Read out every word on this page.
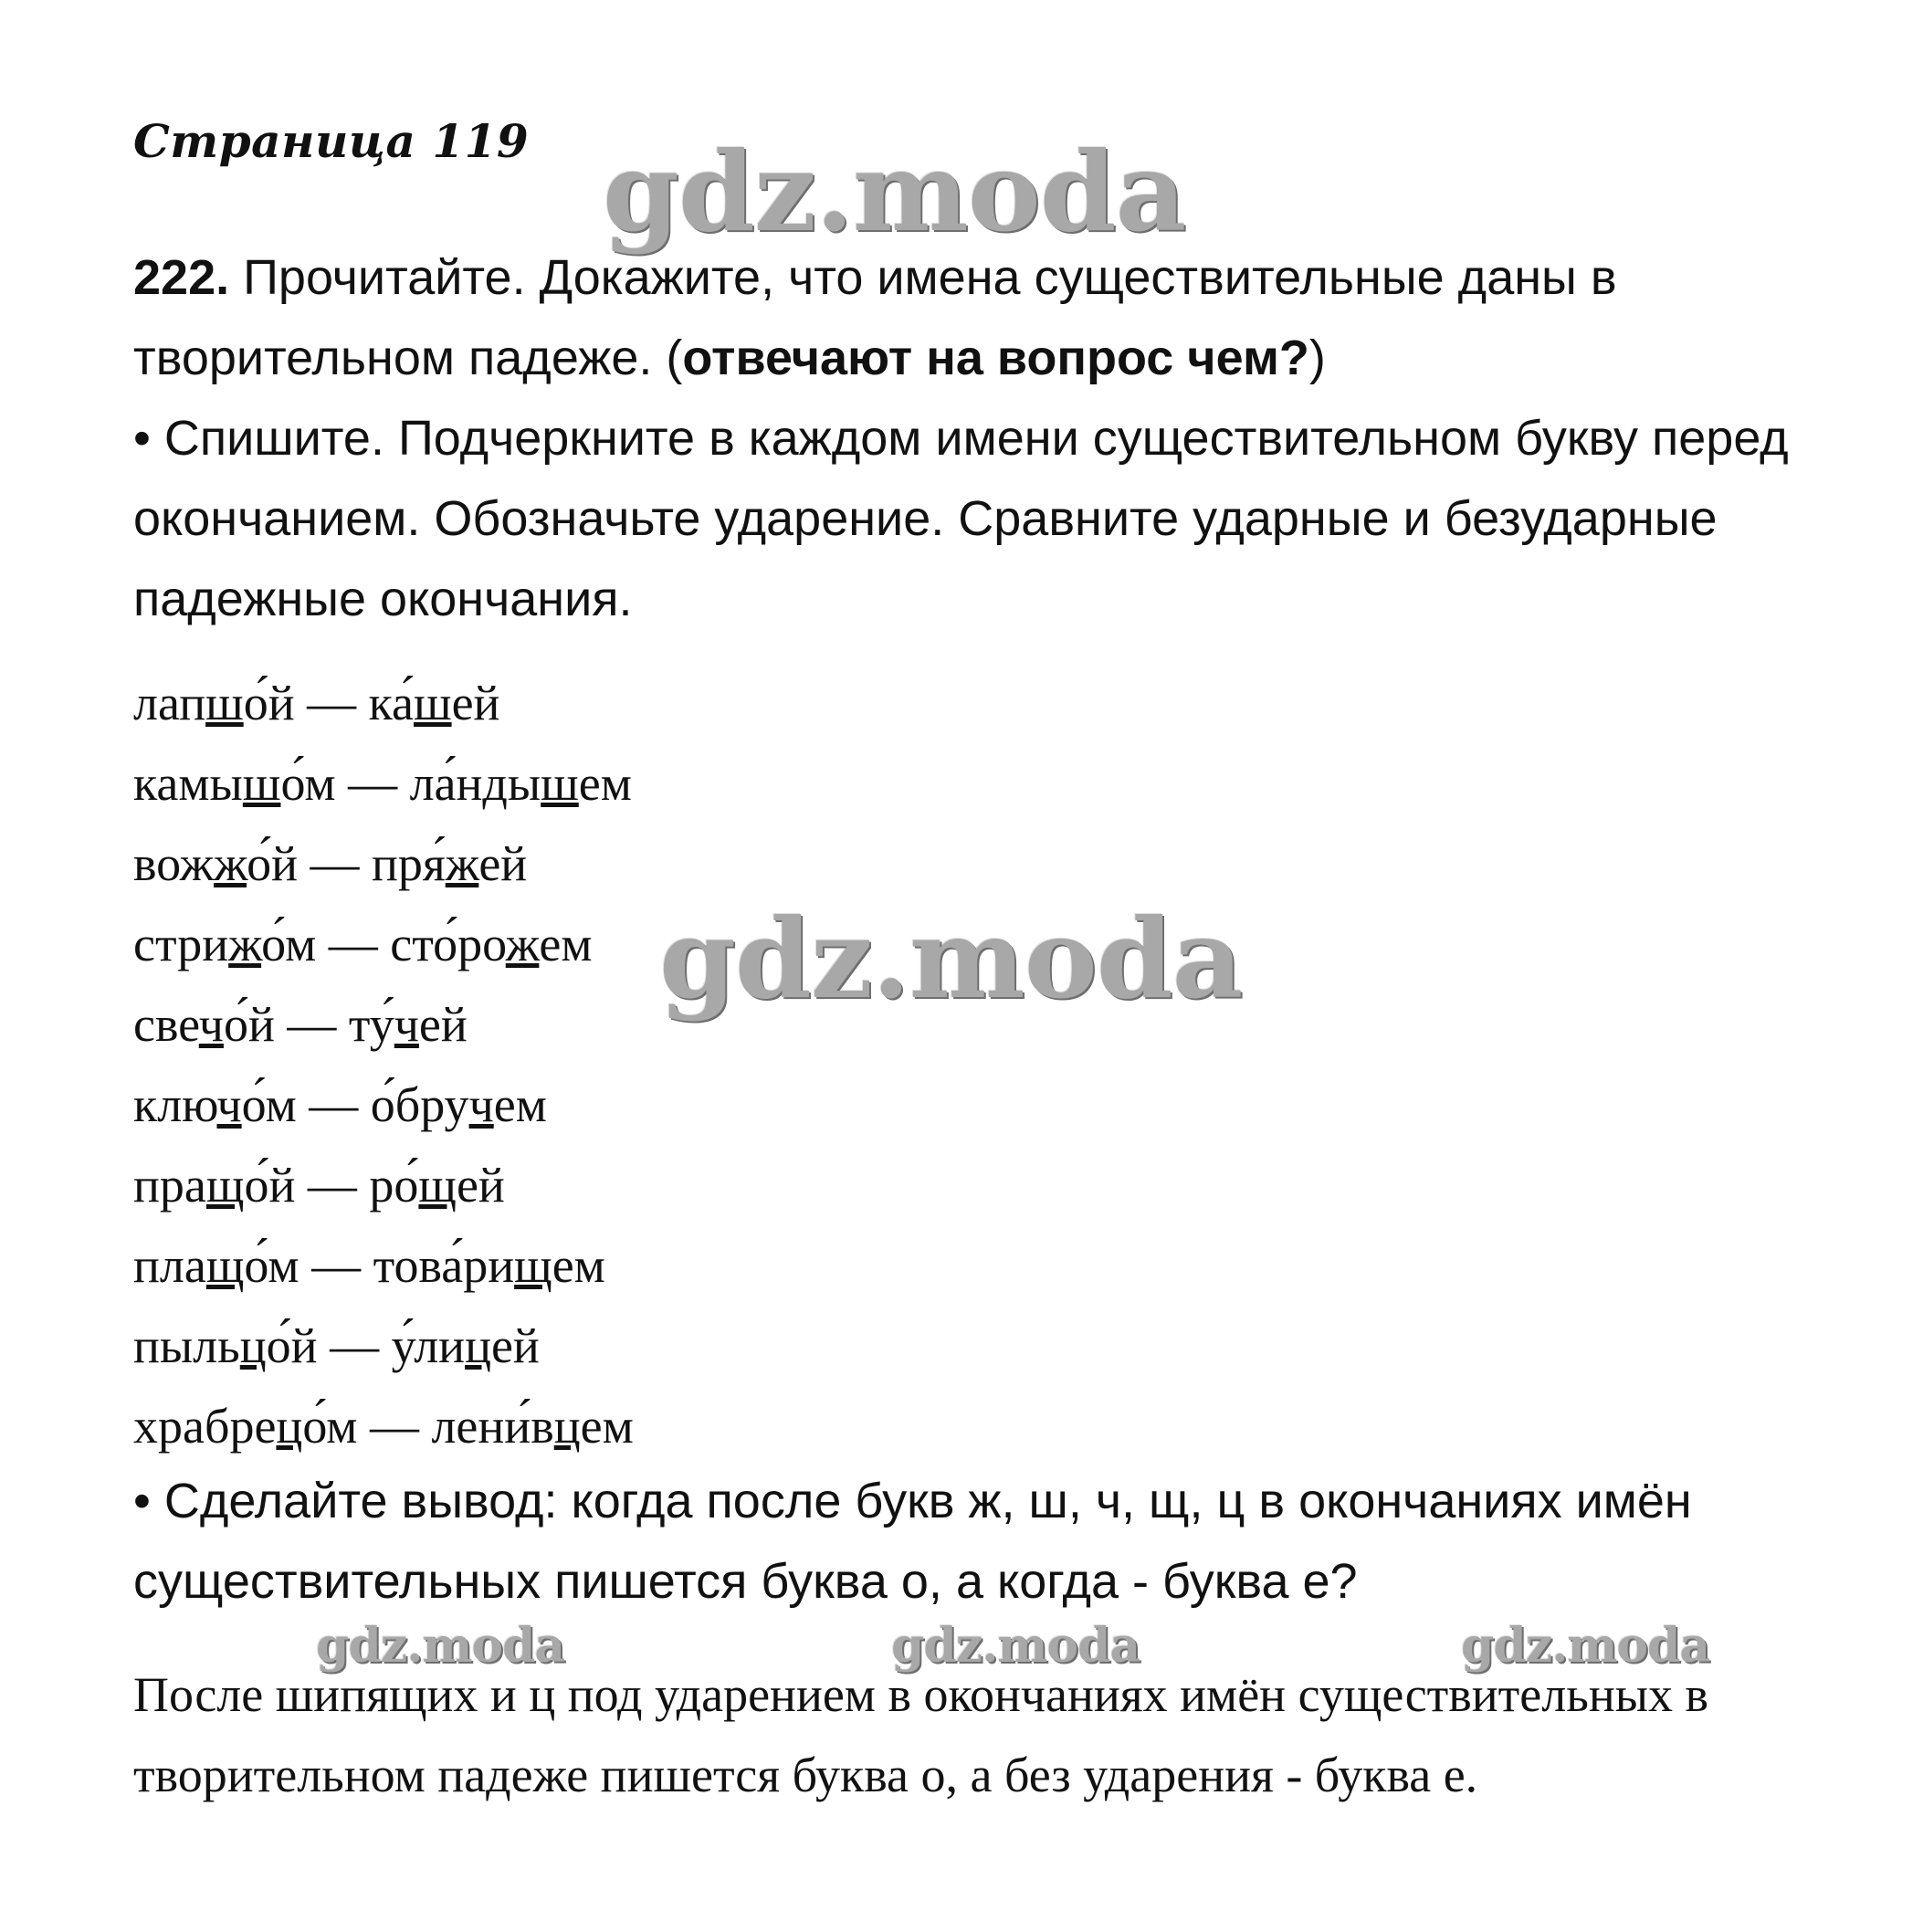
Страница 119 gdz.moda

222. Прочитайте. Докажите, что имена существительные даны в творительном падеже. (отвечают на вопрос чем?)

• Спишите. Подчеркните в каждом имени существительном букву перед окончанием. Обозначьте ударение. Сравните ударные и безударные падежные окончания.

лапшо́й — ка́шей
камышо́м — ла́ндышем
вожжо́й — пря́жей
стрижо́м — сто́рожем
свечо́й — ту́чей
ключо́м — о́бручем
пращо́й — ро́щей
плащо́м — това́рищем
пыльцо́й — у́лицей
храбрецо́м — лени́вцем
gdz.moda

• Сделайте вывод: когда после букв ж, ш, ч, щ, ц в окончаниях имён существительных пишется буква о, а когда - буква е?

gdz.moda	gdz.moda	gdz.moda

После шипящих и ц под ударением в окончаниях имён существительных в творительном падеже пишется буква о, а без ударения - буква е.
